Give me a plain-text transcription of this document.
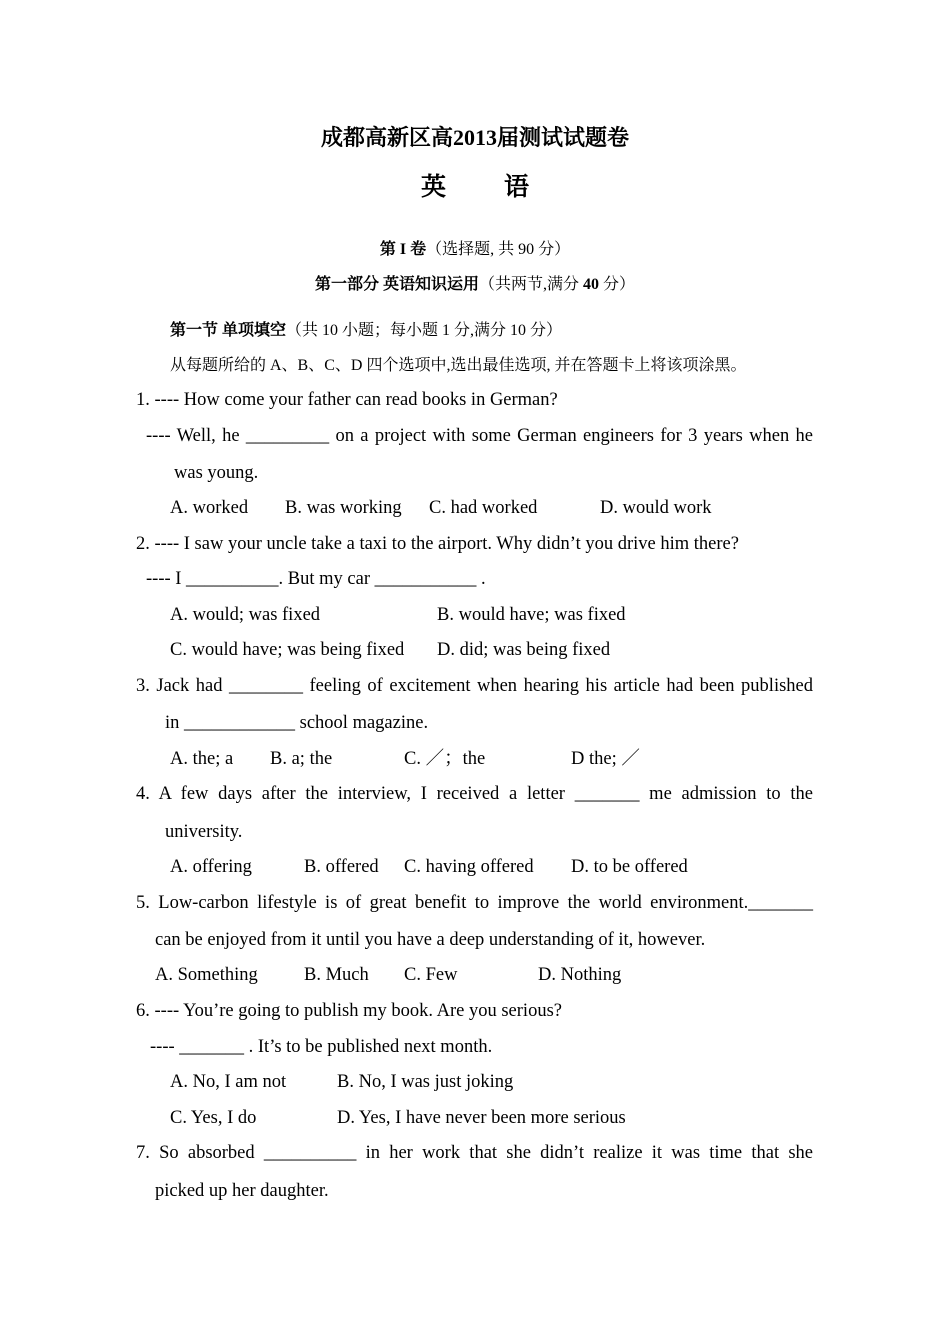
成都高新区高2013届测试试题卷
英 语
第 I 卷（选择题, 共 90 分）
第一部分 英语知识运用（共两节,满分 40 分）
第一节 单项填空（共 10 小题；每小题 1 分,满分 10 分）
从每题所给的 A、B、C、D 四个选项中,选出最佳选项, 并在答题卡上将该项涂黑。
1. ---- How come your father can read books in German?
---- Well, he _________ on a project with some German engineers for 3 years when he
was young.
A. worked B. was working C. had worked	D. would work
2. ---- I saw your uncle take a taxi to the airport. Why didn’t you drive him there?
---- I __________. But my car ___________ .
A. would; was fixed	B. would have; was fixed
C. would have; was being fixed D. did; was being fixed
3. Jack had ________ feeling of excitement when hearing his article had been published
in ____________ school magazine.
A. the; a B. a; the	C. ／；the	D the; ／
4. A few days after the interview, I received a letter _______ me admission to the
university.
A. offering	B. offered C. having offered D. to be offered
5. Low-carbon lifestyle is of great benefit to improve the world environment._______
can be enjoyed from it until you have a deep understanding of it, however.
A. Something B. Much C. Few	D. Nothing
6. ---- You’re going to publish my book. Are you serious?
---- _______ . It’s to be published next month.
A. No, I am not	B. No, I was just joking
C. Yes, I do	D. Yes, I have never been more serious
7. So absorbed __________ in her work that she didn’t realize it was time that she
picked up her daughter.
